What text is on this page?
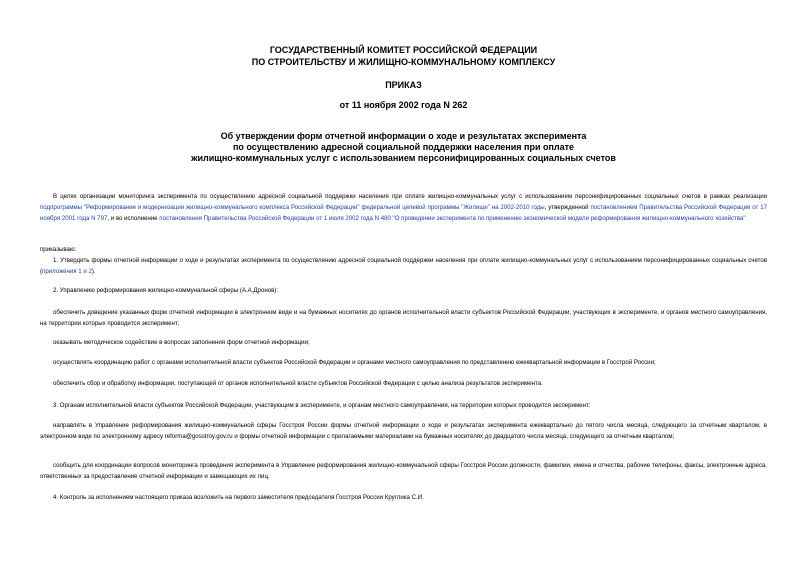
ГОСУДАРСТВЕННЫЙ КОМИТЕТ РОССИЙСКОЙ ФЕДЕРАЦИИ
ПО СТРОИТЕЛЬСТВУ И ЖИЛИЩНО-КОММУНАЛЬНОМУ КОМПЛЕКСУ
ПРИКАЗ
от 11 ноября 2002 года N 262
Об утверждении форм отчетной информации о ходе и результатах эксперимента
по осуществлению адресной социальной поддержки населения при оплате
жилищно-коммунальных услуг с использованием персонифицированных социальных счетов
В целях организации мониторинга эксперимента по осуществлению адресной социальной поддержки населения при оплате жилищно-коммунальных услуг с использованием персонифицированных социальных счетов в рамках реализации подпрограммы "Реформирование и модернизация жилищно-коммунального комплекса Российской Федерации" федеральной целевой программы "Жилище" на 2002-2010 годы, утвержденной постановлением Правительства Российской Федерации от 17 ноября 2001 года N 797, и во исполнение постановления Правительства Российской Федерации от 1 июля 2002 года N 480 "О проведении эксперимента по применению экономической модели реформирования жилищно-коммунального хозяйства"
приказываю:
1. Утвердить формы отчетной информации о ходе и результатах эксперимента по осуществлению адресной социальной поддержки населения при оплате жилищно-коммунальных услуг с использованием персонифицированных социальных счетов (приложения 1 и 2).
2. Управлению реформирования жилищно-коммунальной сферы (А.А.Дронов):
обеспечить доведение указанных форм отчетной информации в электронном виде и на бумажных носителях до органов исполнительной власти субъектов Российской Федерации, участвующих в эксперименте, и органов местного самоуправления, на территории которых проводится эксперимент;
оказывать методическое содействие в вопросах заполнения форм отчетной информации;
осуществлять координацию работ с органами исполнительной власти субъектов Российской Федерации и органами местного самоуправления по представлению ежеквартальной информации в Госстрой России;
обеспечить сбор и обработку информации, поступающей от органов исполнительной власти субъектов Российской Федерации с целью анализа результатов эксперимента.
3. Органам исполнительной власти субъектов Российской Федерации, участвующим в эксперименте, и органам местного самоуправления, на территории которых проводится эксперимент:
направлять в Управление реформирования жилищно-коммунальной сферы Госстроя России формы отчетной информации о ходе и результатах эксперимента ежеквартально до пятого числа месяца, следующего за отчетным кварталом, в электронном виде по электронному адресу reforma@gosstroy.gov.ru и формы отчетной информации с прилагаемыми материалами на бумажных носителях до двадцатого числа месяца, следующего за отчетным кварталом;
сообщить для координации вопросов мониторинга проведения эксперимента в Управление реформирования жилищно-коммунальной сферы Госстроя России должности, фамилии, имена и отчества, рабочие телефоны, факсы, электронные адреса, ответственных за предоставление отчетной информации и замещающих их лиц.
4. Контроль за исполнением настоящего приказа возложить на первого заместителя председателя Госстроя России Круглика С.И.
